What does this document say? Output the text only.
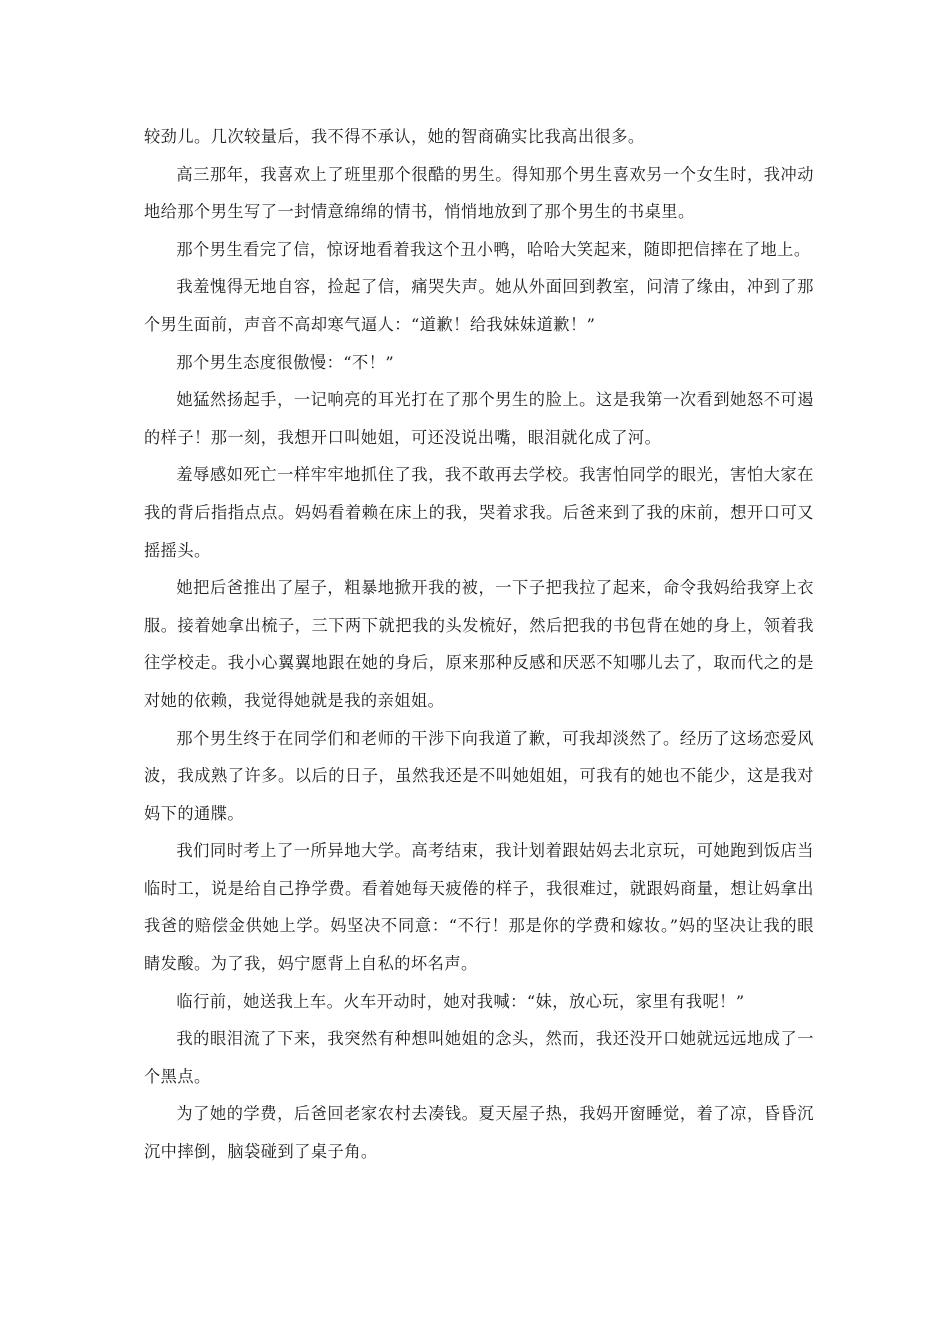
较劲儿。几次较量后，我不得不承认，她的智商确实比我高出很多。

高三那年，我喜欢上了班里那个很酷的男生。得知那个男生喜欢另一个女生时，我冲动地给那个男生写了一封情意绵绵的情书，悄悄地放到了那个男生的书桌里。

那个男生看完了信，惊讶地看着我这个丑小鸭，哈哈大笑起来，随即把信摔在了地上。

我羞愧得无地自容，捡起了信，痛哭失声。她从外面回到教室，问清了缘由，冲到了那个男生面前，声音不高却寒气逼人：“道歉！给我妹妹道歉！”

那个男生态度很傲慢：“不！”

她猛然扬起手，一记响亮的耳光打在了那个男生的脸上。这是我第一次看到她怒不可遏的样子！那一刻，我想开口叫她姐，可还没说出嘴，眼泪就化成了河。

羞辱感如死亡一样牢牢地抓住了我，我不敢再去学校。我害怕同学的眼光，害怕大家在我的背后指指点点。妈妈看着赖在床上的我，哭着求我。后爸来到了我的床前，想开口可又摇摇头。

她把后爸推出了屋子，粗暴地掀开我的被，一下子把我拉了起来，命令我妈给我穿上衣服。接着她拿出梳子，三下两下就把我的头发梳好，然后把我的书包背在她的身上，领着我往学校走。我小心翼翼地跟在她的身后，原来那种反感和厌恶不知哪儿去了，取而代之的是对她的依赖，我觉得她就是我的亲姐姐。

那个男生终于在同学们和老师的干涉下向我道了歉，可我却淡然了。经历了这场恋爱风波，我成熟了许多。以后的日子，虽然我还是不叫她姐姐，可我有的她也不能少，这是我对妈下的通牒。

我们同时考上了一所异地大学。高考结束，我计划着跟姑妈去北京玩，可她跑到饭店当临时工，说是给自己挣学费。看着她每天疲倦的样子，我很难过，就跟妈商量，想让妈拿出我爸的赔偿金供她上学。妈坚决不同意：“不行！那是你的学费和嫁妆。”妈的坚决让我的眼睛发酸。为了我，妈宁愿背上自私的坏名声。

临行前，她送我上车。火车开动时，她对我喊：“妹，放心玩，家里有我呢！”

我的眼泪流了下来，我突然有种想叫她姐的念头，然而，我还没开口她就远远地成了一个黑点。

为了她的学费，后爸回老家农村去凑钱。夏天屋子热，我妈开窗睡觉，着了凉，昏昏沉沉中摔倒，脑袋碰到了桌子角。
